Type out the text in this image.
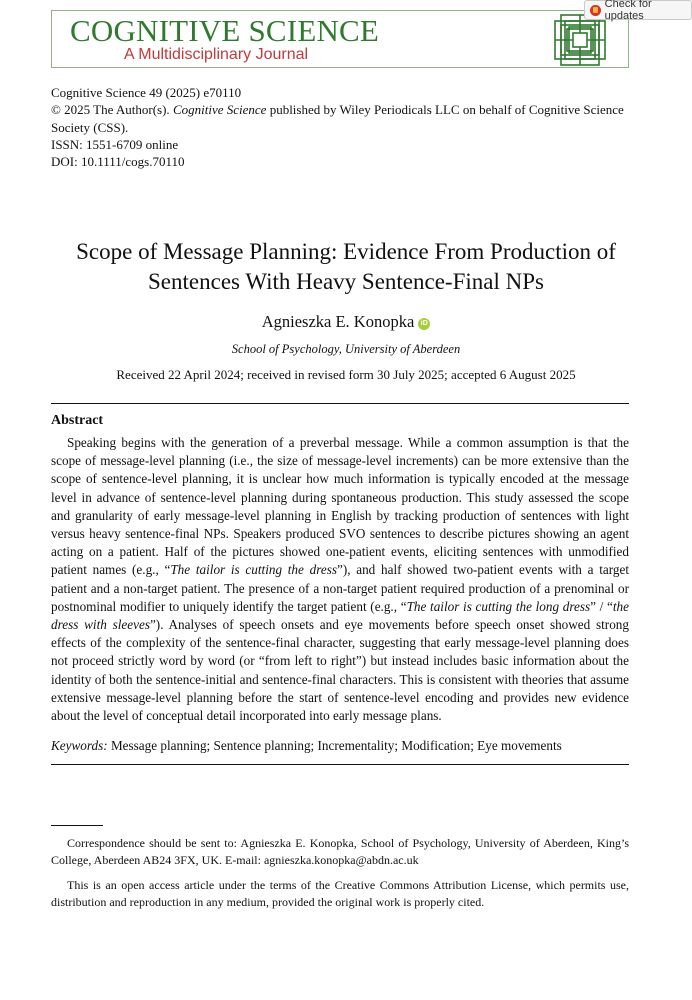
COGNITIVE SCIENCE
A Multidisciplinary Journal
Check for updates
Cognitive Science 49 (2025) e70110
© 2025 The Author(s). Cognitive Science published by Wiley Periodicals LLC on behalf of Cognitive Science Society (CSS).
ISSN: 1551-6709 online
DOI: 10.1111/cogs.70110
Scope of Message Planning: Evidence From Production of
Sentences With Heavy Sentence-Final NPs
Agnieszka E. Konopka iD
School of Psychology, University of Aberdeen
Received 22 April 2024; received in revised form 30 July 2025; accepted 6 August 2025
Abstract

Speaking begins with the generation of a preverbal message. While a common assumption is that the scope of message-level planning (i.e., the size of message-level increments) can be more extensive than the scope of sentence-level planning, it is unclear how much information is typically encoded at the message level in advance of sentence-level planning during spontaneous production. This study assessed the scope and granularity of early message-level planning in English by tracking production of sentences with light versus heavy sentence-final NPs. Speakers produced SVO sentences to describe pictures showing an agent acting on a patient. Half of the pictures showed one-patient events, eliciting sentences with unmodified patient names (e.g., “The tailor is cutting the dress”), and half showed two-patient events with a target patient and a non-target patient. The presence of a non-target patient required production of a prenominal or postnominal modifier to uniquely identify the target patient (e.g., “The tailor is cutting the long dress” / “the dress with sleeves”). Analyses of speech onsets and eye movements before speech onset showed strong effects of the complexity of the sentence-final character, suggesting that early message-level planning does not proceed strictly word by word (or “from left to right”) but instead includes basic information about the identity of both the sentence-initial and sentence-final characters. This is consistent with theories that assume extensive message-level planning before the start of sentence-level encoding and provides new evidence about the level of conceptual detail incorporated into early message plans.

Keywords: Message planning; Sentence planning; Incrementality; Modification; Eye movements

Correspondence should be sent to: Agnieszka E. Konopka, School of Psychology, University of Aberdeen, King’s College, Aberdeen AB24 3FX, UK. E-mail: agnieszka.konopka@abdn.ac.uk

This is an open access article under the terms of the Creative Commons Attribution License, which permits use, distribution and reproduction in any medium, provided the original work is properly cited.
